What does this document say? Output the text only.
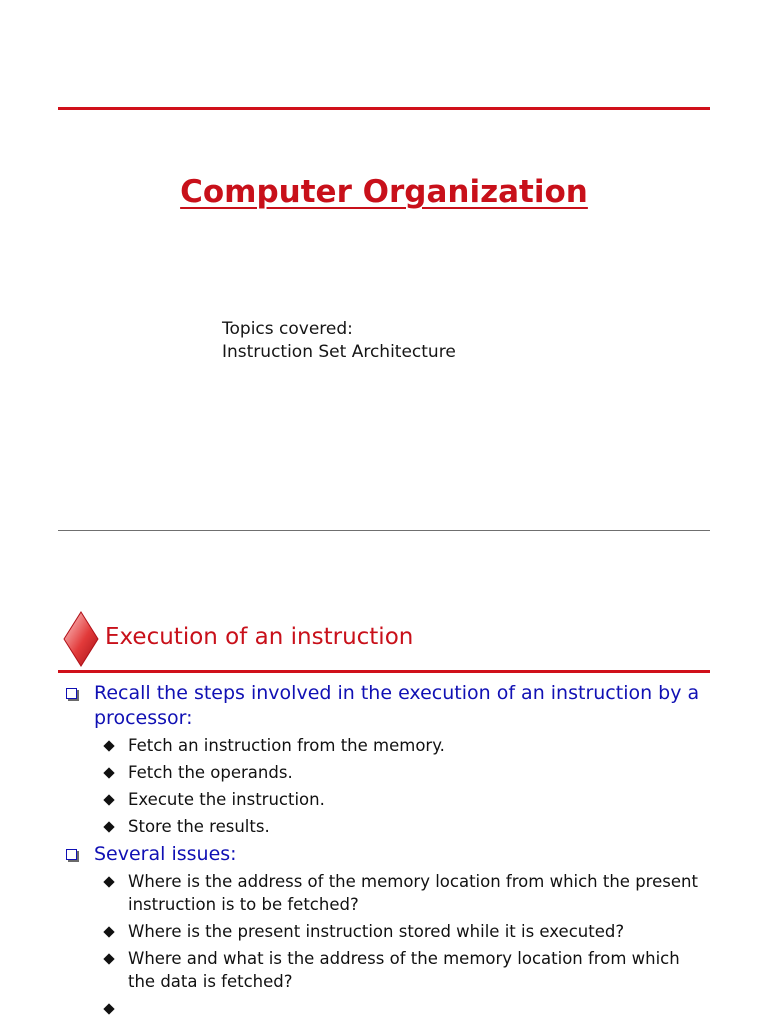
Computer Organization
Topics covered:
Instruction Set Architecture
Execution of an instruction
Recall the steps involved in the execution of an instruction by a processor:
Fetch an instruction from the memory.
Fetch the operands.
Execute the instruction.
Store the results.
Several issues:
Where is the address of the memory location from which the present instruction is to be fetched?
Where is the present instruction stored while it is executed?
Where and what is the address of the memory location from which the data is fetched?
